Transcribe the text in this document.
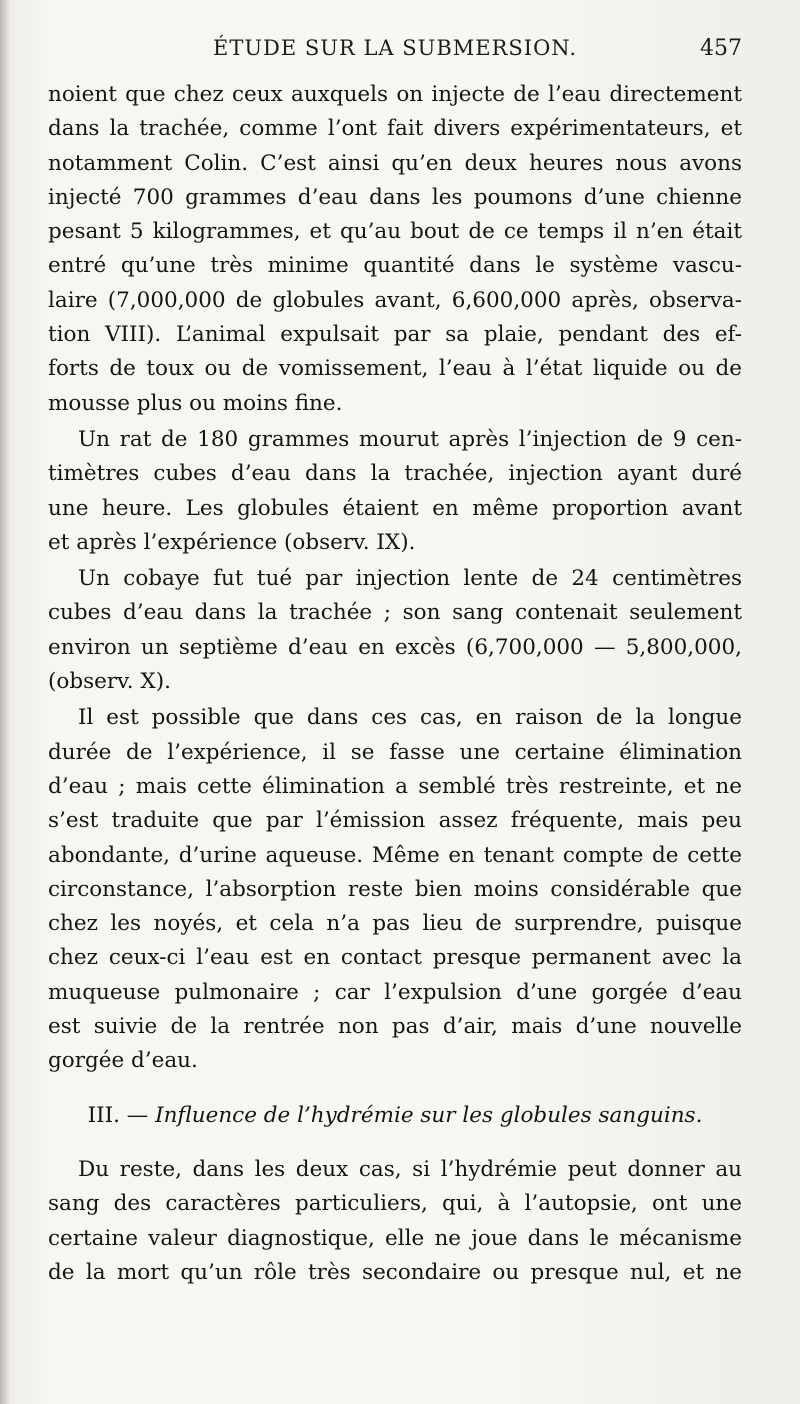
ÉTUDE SUR LA SUBMERSION.	457
noient que chez ceux auxquels on injecte de l’eau directement
dans la trachée, comme l’ont fait divers expérimentateurs, et
notamment Colin. C’est ainsi qu’en deux heures nous avons
injecté 700 grammes d’eau dans les poumons d’une chienne
pesant 5 kilogrammes, et qu’au bout de ce temps il n’en était
entré qu’une très minime quantité dans le système vascu-
laire (7,000,000 de globules avant, 6,600,000 après, observa-
tion VIII). L’animal expulsait par sa plaie, pendant des ef-
forts de toux ou de vomissement, l’eau à l’état liquide ou de
mousse plus ou moins fine.
Un rat de 180 grammes mourut après l’injection de 9 cen-
timètres cubes d’eau dans la trachée, injection ayant duré
une heure. Les globules étaient en même proportion avant
et après l’expérience (observ. IX).
Un cobaye fut tué par injection lente de 24 centimètres
cubes d’eau dans la trachée ; son sang contenait seulement
environ un septième d’eau en excès (6,700,000 — 5,800,000,
(observ. X).
Il est possible que dans ces cas, en raison de la longue
durée de l’expérience, il se fasse une certaine élimination
d’eau ; mais cette élimination a semblé très restreinte, et ne
s’est traduite que par l’émission assez fréquente, mais peu
abondante, d’urine aqueuse. Même en tenant compte de cette
circonstance, l’absorption reste bien moins considérable que
chez les noyés, et cela n’a pas lieu de surprendre, puisque
chez ceux-ci l’eau est en contact presque permanent avec la
muqueuse pulmonaire ; car l’expulsion d’une gorgée d’eau
est suivie de la rentrée non pas d’air, mais d’une nouvelle
gorgée d’eau.
III. — Influence de l’hydrémie sur les globules sanguins.
Du reste, dans les deux cas, si l’hydrémie peut donner au
sang des caractères particuliers, qui, à l’autopsie, ont une
certaine valeur diagnostique, elle ne joue dans le mécanisme
de la mort qu’un rôle très secondaire ou presque nul, et ne
